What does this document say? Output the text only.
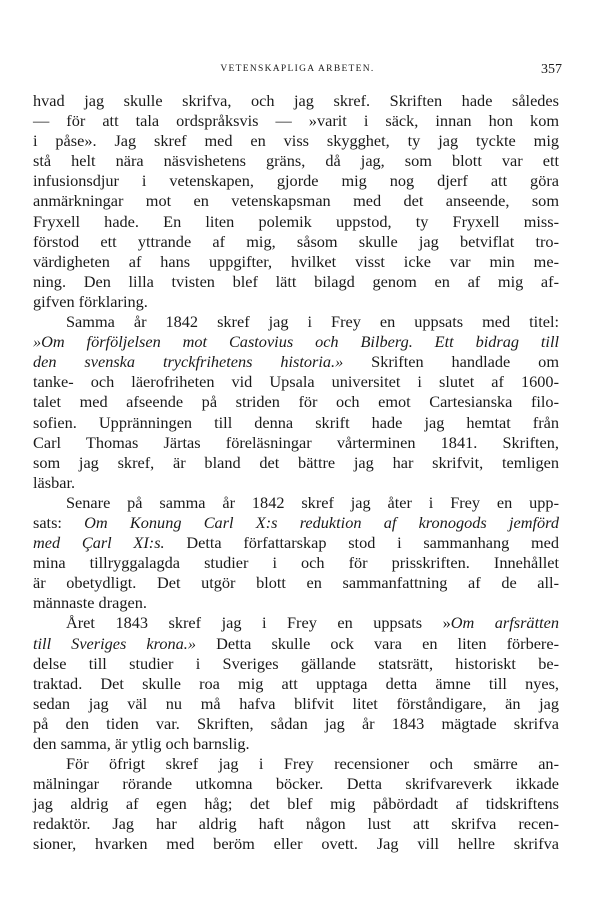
VETENSKAPLIGA ARBETEN.	357
hvad jag skulle skrifva, och jag skref. Skriften hade således
— för att tala ordspråksvis — »varit i säck, innan hon kom
i påse». Jag skref med en viss skygghet, ty jag tyckte mig
stå helt nära näsvishetens gräns, då jag, som blott var ett
infusionsdjur i vetenskapen, gjorde mig nog djerf att göra
anmärkningar mot en vetenskapsman med det anseende, som
Fryxell hade. En liten polemik uppstod, ty Fryxell miss-
förstod ett yttrande af mig, såsom skulle jag betviflat tro-
värdigheten af hans uppgifter, hvilket visst icke var min me-
ning. Den lilla tvisten blef lätt bilagd genom en af mig af-
gifven förklaring.
Samma år 1842 skref jag i Frey en uppsats med titel:
»Om förföljelsen mot Castovius och Bilberg. Ett bidrag till
den svenska tryckfrihetens historia.» Skriften handlade om
tanke- och läerofriheten vid Upsala universitet i slutet af 1600-
talet med afseende på striden för och emot Cartesianska filo-
sofien. Uppränningen till denna skrift hade jag hemtat från
Carl Thomas Järtas föreläsningar vårterminen 1841. Skriften,
som jag skref, är bland det bättre jag har skrifvit, temligen
läsbar.
Senare på samma år 1842 skref jag åter i Frey en upp-
sats: Om Konung Carl X:s reduktion af kronogods jemförd
med Çarl XI:s. Detta författarskap stod i sammanhang med
mina tillryggalagda studier i och för prisskriften. Innehållet
är obetydligt. Det utgör blott en sammanfattning af de all-
männaste dragen.
Året 1843 skref jag i Frey en uppsats »Om arfsrätten
till Sveriges krona.» Detta skulle ock vara en liten förbere-
delse till studier i Sveriges gällande statsrätt, historiskt be-
traktad. Det skulle roa mig att upptaga detta ämne till nyes,
sedan jag väl nu må hafva blifvit litet förståndigare, än jag
på den tiden var. Skriften, sådan jag år 1843 mägtade skrifva
den samma, är ytlig och barnslig.
För öfrigt skref jag i Frey recensioner och smärre an-
mälningar rörande utkomna böcker. Detta skrifvareverk ikkade
jag aldrig af egen håg; det blef mig påbördadt af tidskriftens
redaktör. Jag har aldrig haft någon lust att skrifva recen-
sioner, hvarken med beröm eller ovett. Jag vill hellre skrifva
